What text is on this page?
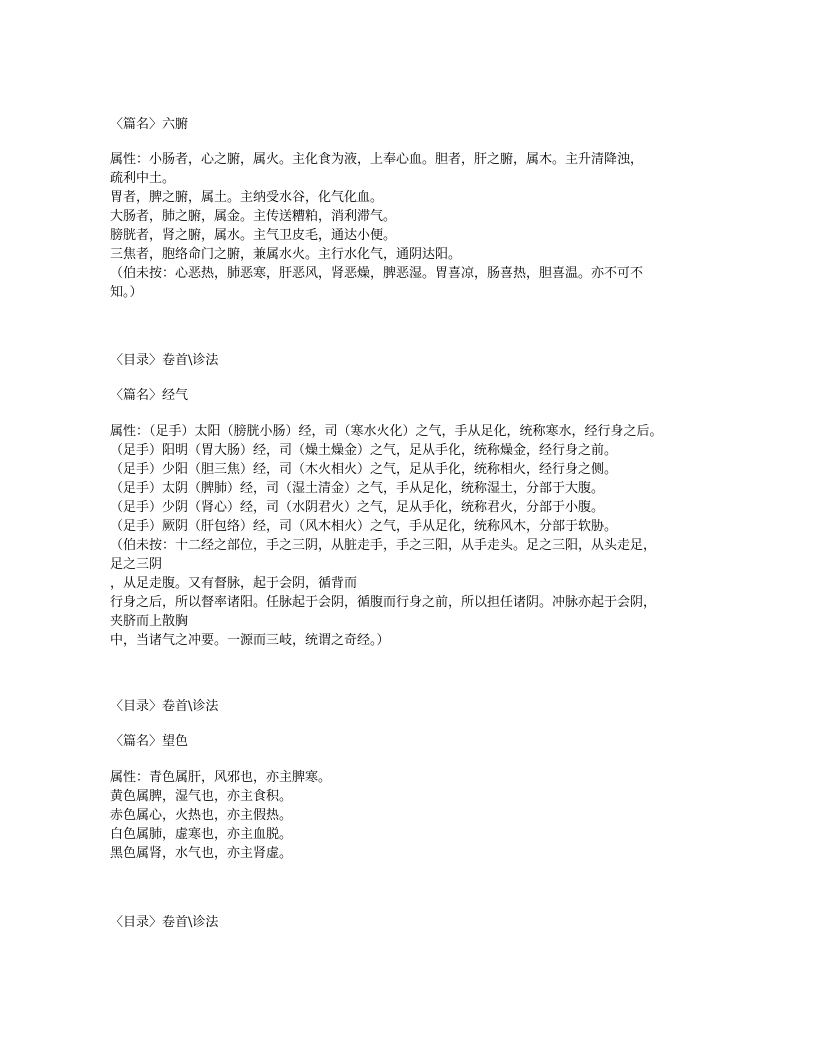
〈篇名〉六腑
属性：小肠者，心之腑，属火。主化食为液，上奉心血。胆者，肝之腑，属木。主升清降浊，
疏利中土。
胃者，脾之腑，属土。主纳受水谷，化气化血。
大肠者，肺之腑，属金。主传送糟粕，消利滞气。
膀胱者，肾之腑，属水。主气卫皮毛，通达小便。
三焦者，胞络命门之腑，兼属水火。主行水化气，通阴达阳。
（伯未按：心恶热，肺恶寒，肝恶风，肾恶燥，脾恶湿。胃喜凉，肠喜热，胆喜温。亦不可不
知。）
〈目录〉卷首\诊法
〈篇名〉经气
属性：（足手）太阳（膀胱小肠）经，司（寒水火化）之气，手从足化，统称寒水，经行身之后。
（足手）阳明（胃大肠）经，司（燥土燥金）之气，足从手化，统称燥金，经行身之前。
（足手）少阳（胆三焦）经，司（木火相火）之气，足从手化，统称相火，经行身之侧。
（足手）太阴（脾肺）经，司（湿土清金）之气，手从足化，统称湿土，分部于大腹。
（足手）少阴（肾心）经，司（水阴君火）之气，足从手化，统称君火，分部于小腹。
（足手）厥阴（肝包络）经，司（风木相火）之气，手从足化，统称风木，分部于软胁。
（伯未按：十二经之部位，手之三阴，从脏走手，手之三阳，从手走头。足之三阳，从头走足，
足之三阴
，从足走腹。又有督脉，起于会阴，循背而
行身之后，所以督率诸阳。任脉起于会阴，循腹而行身之前，所以担任诸阴。冲脉亦起于会阴，
夹脐而上散胸
中，当诸气之冲要。一源而三岐，统谓之奇经。）
〈目录〉卷首\诊法
〈篇名〉望色
属性：青色属肝，风邪也，亦主脾寒。
黄色属脾，湿气也，亦主食积。
赤色属心，火热也，亦主假热。
白色属肺，虚寒也，亦主血脱。
黑色属肾，水气也，亦主肾虚。
〈目录〉卷首\诊法
